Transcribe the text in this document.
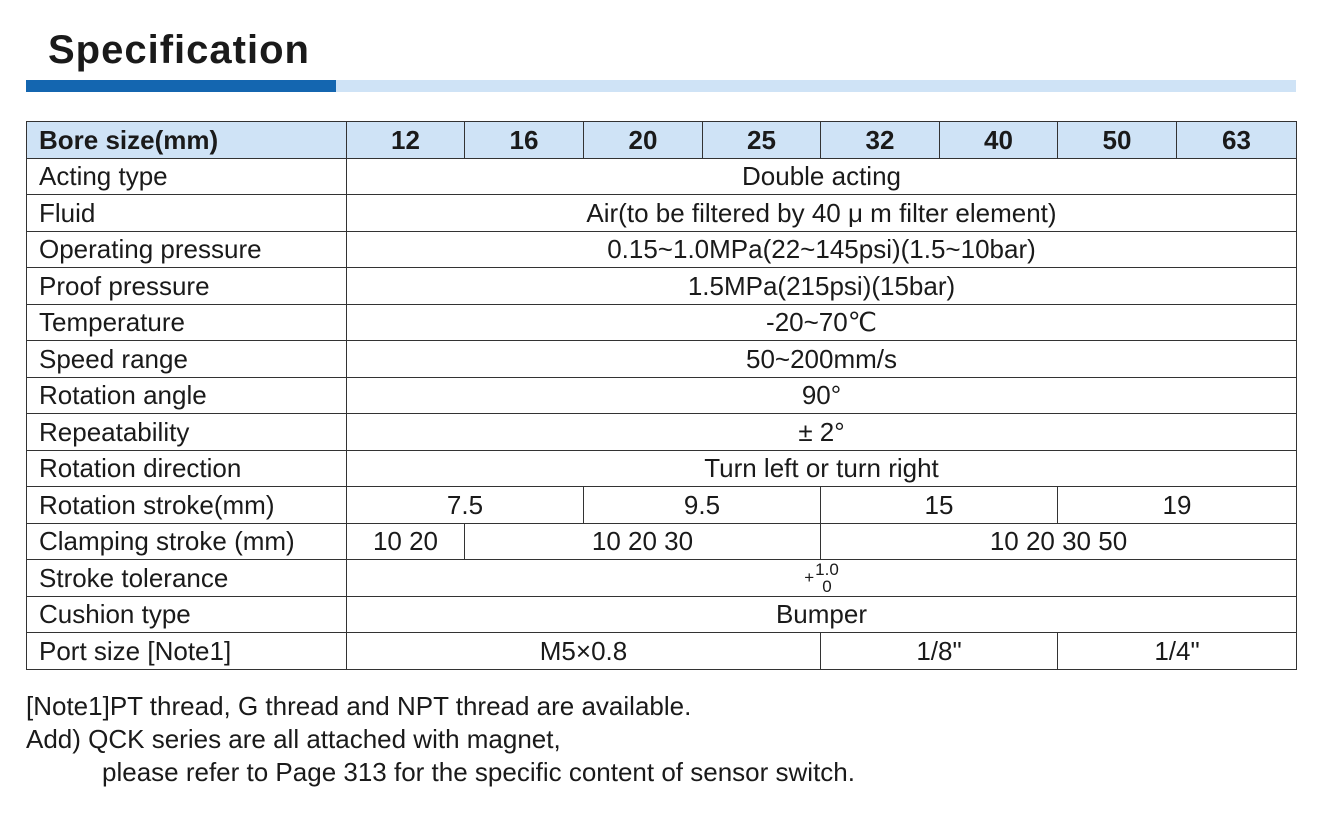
Specification
Bore size(mm)	12	16	20	25	32	40	50	63
Acting type	Double acting							
Fluid	Air(to be filtered by 40 μ m filter element)							
Operating pressure	0.15~1.0MPa(22~145psi)(1.5~10bar)							
Proof pressure	1.5MPa(215psi)(15bar)							
Temperature	-20~70℃							
Speed range	50~200mm/s							
Rotation angle	90°							
Repeatability	± 2°							
Rotation direction	Turn left or turn right							
Rotation stroke(mm)	7.5		9.5		15		19	
Clamping stroke (mm)	10 20	10 20 30			10 20 30 50			
Stroke tolerance	+ 1.0
0							

Cushion type	Bumper							
Port size [Note1]	M5×0.8				1/8"		1/4"	
[Note1]PT thread, G thread and NPT thread are available.
Add) QCK series are all attached with magnet,
please refer to Page 313 for the specific content of sensor switch.
